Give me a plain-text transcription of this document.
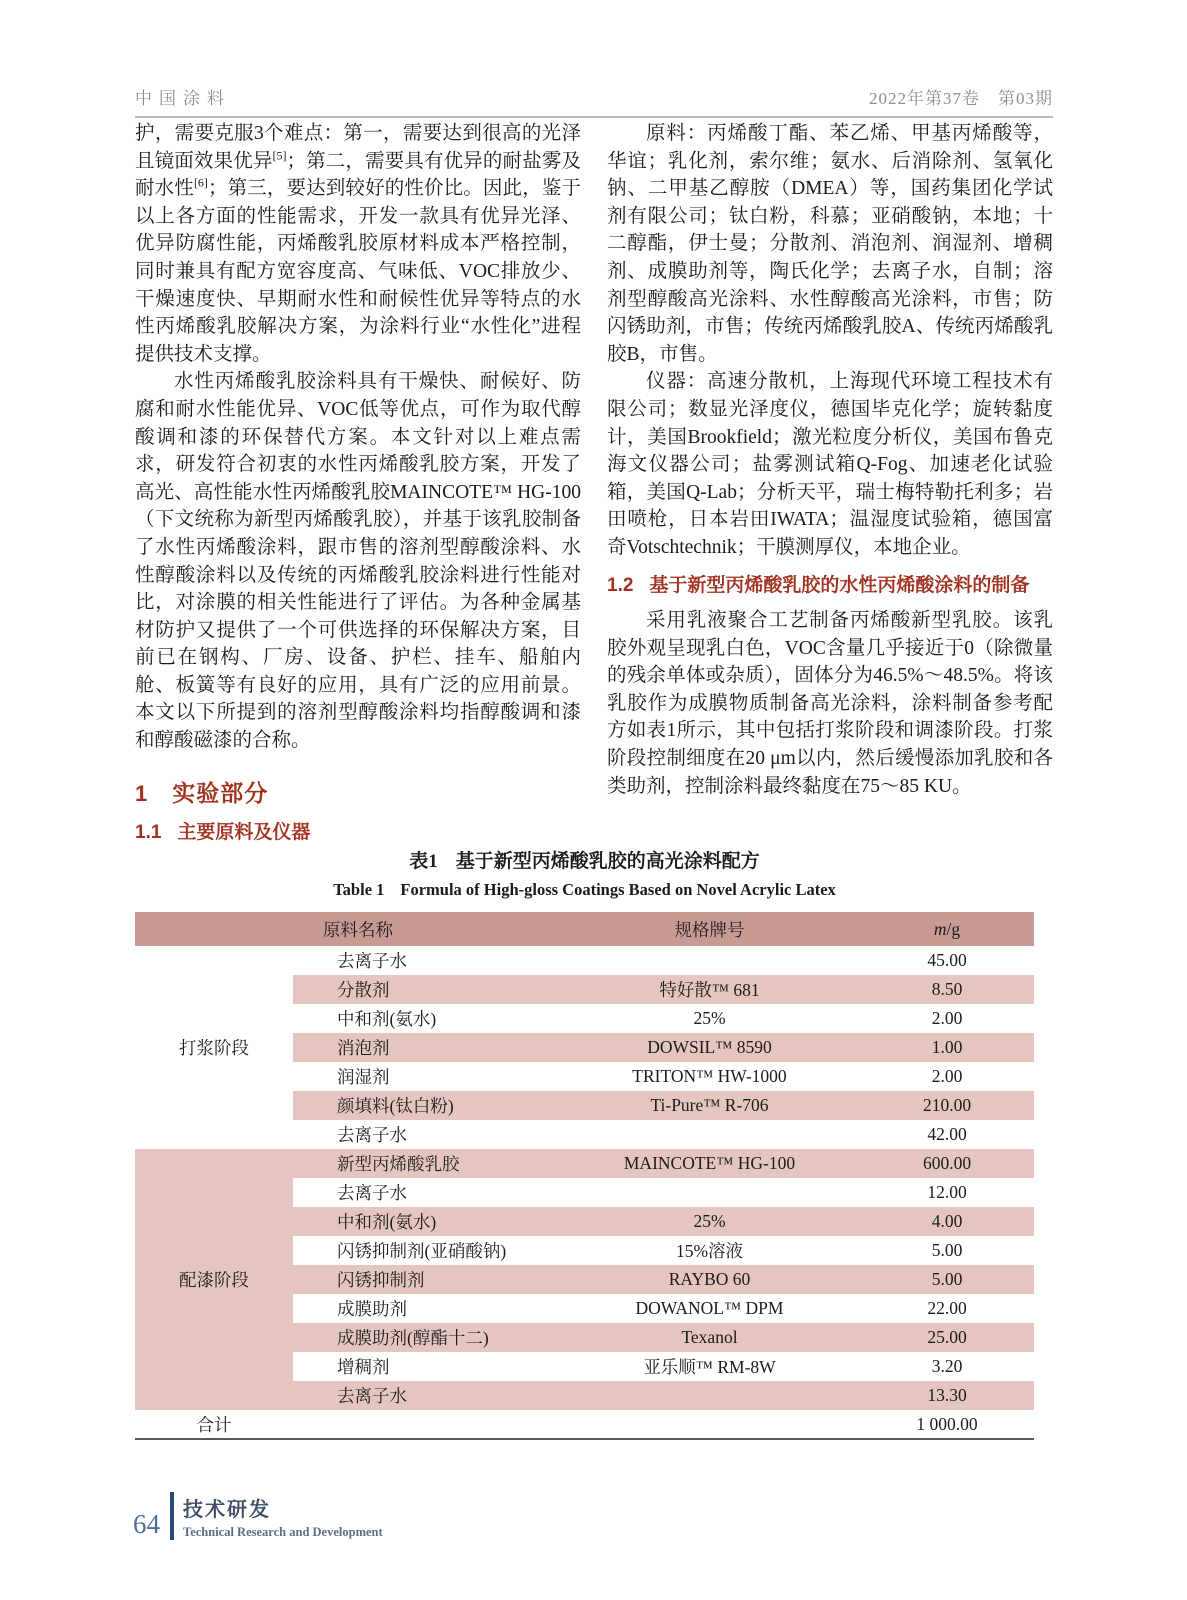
中国涂料	2022年第37卷　第03期

护，需要克服3个难点：第一，需要达到很高的光泽且镜面效果优异[5]；第二，需要具有优异的耐盐雾及耐水性[6]；第三，要达到较好的性价比。因此，鉴于以上各方面的性能需求，开发一款具有优异光泽、优异防腐性能，丙烯酸乳胶原材料成本严格控制，同时兼具有配方宽容度高、气味低、VOC排放少、干燥速度快、早期耐水性和耐候性优异等特点的水性丙烯酸乳胶解决方案，为涂料行业“水性化”进程提供技术支撑。

水性丙烯酸乳胶涂料具有干燥快、耐候好、防腐和耐水性能优异、VOC低等优点，可作为取代醇酸调和漆的环保替代方案。本文针对以上难点需求，研发符合初衷的水性丙烯酸乳胶方案，开发了高光、高性能水性丙烯酸乳胶MAINCOTE™ HG-100（下文统称为新型丙烯酸乳胶），并基于该乳胶制备了水性丙烯酸涂料，跟市售的溶剂型醇酸涂料、水性醇酸涂料以及传统的丙烯酸乳胶涂料进行性能对比，对涂膜的相关性能进行了评估。为各种金属基材防护又提供了一个可供选择的环保解决方案，目前已在钢构、厂房、设备、护栏、挂车、船舶内舱、板簧等有良好的应用，具有广泛的应用前景。本文以下所提到的溶剂型醇酸涂料均指醇酸调和漆和醇酸磁漆的合称。

1 实验部分
1.1 主要原料及仪器

原料：丙烯酸丁酯、苯乙烯、甲基丙烯酸等，华谊；乳化剂，索尔维；氨水、后消除剂、氢氧化钠、二甲基乙醇胺（DMEA）等，国药集团化学试剂有限公司；钛白粉，科慕；亚硝酸钠，本地；十二醇酯，伊士曼；分散剂、消泡剂、润湿剂、增稠剂、成膜助剂等，陶氏化学；去离子水，自制；溶剂型醇酸高光涂料、水性醇酸高光涂料，市售；防闪锈助剂，市售；传统丙烯酸乳胶A、传统丙烯酸乳胶B，市售。

仪器：高速分散机，上海现代环境工程技术有限公司；数显光泽度仪，德国毕克化学；旋转黏度计，美国Brookfield；激光粒度分析仪，美国布鲁克海文仪器公司；盐雾测试箱Q-Fog、加速老化试验箱，美国Q-Lab；分析天平，瑞士梅特勒托利多；岩田喷枪，日本岩田IWATA；温湿度试验箱，德国富奇Votschtechnik；干膜测厚仪，本地企业。

1.2 基于新型丙烯酸乳胶的水性丙烯酸涂料的制备

采用乳液聚合工艺制备丙烯酸新型乳胶。该乳胶外观呈现乳白色，VOC含量几乎接近于0（除微量的残余单体或杂质），固体分为46.5%～48.5%。将该乳胶作为成膜物质制备高光涂料，涂料制备参考配方如表1所示，其中包括打浆阶段和调漆阶段。打浆阶段控制细度在20 μm以内，然后缓慢添加乳胶和各类助剂，控制涂料最终黏度在75～85 KU。

表1 基于新型丙烯酸乳胶的高光涂料配方
Table 1 Formula of High-gloss Coatings Based on Novel Acrylic Latex
	原料名称	规格牌号	m/g
打浆阶段	去离子水		45.00
	分散剂	特好散™ 681	8.50
	中和剂(氨水)	25%	2.00
	消泡剂	DOWSIL™ 8590	1.00
	润湿剂	TRITON™ HW-1000	2.00
	颜填料(钛白粉)	Ti-Pure™ R-706	210.00
	去离子水		42.00
配漆阶段	新型丙烯酸乳胶	MAINCOTE™ HG-100	600.00
	去离子水		12.00
	中和剂(氨水)	25%	4.00
	闪锈抑制剂(亚硝酸钠)	15%溶液	5.00
	闪锈抑制剂	RAYBO 60	5.00
	成膜助剂	DOWANOL™ DPM	22.00
	成膜助剂(醇酯十二)	Texanol	25.00
	增稠剂	亚乐顺™ RM-8W	3.20
	去离子水		13.30
合计			1 000.00
64 技术研发
Technical Research and Development
